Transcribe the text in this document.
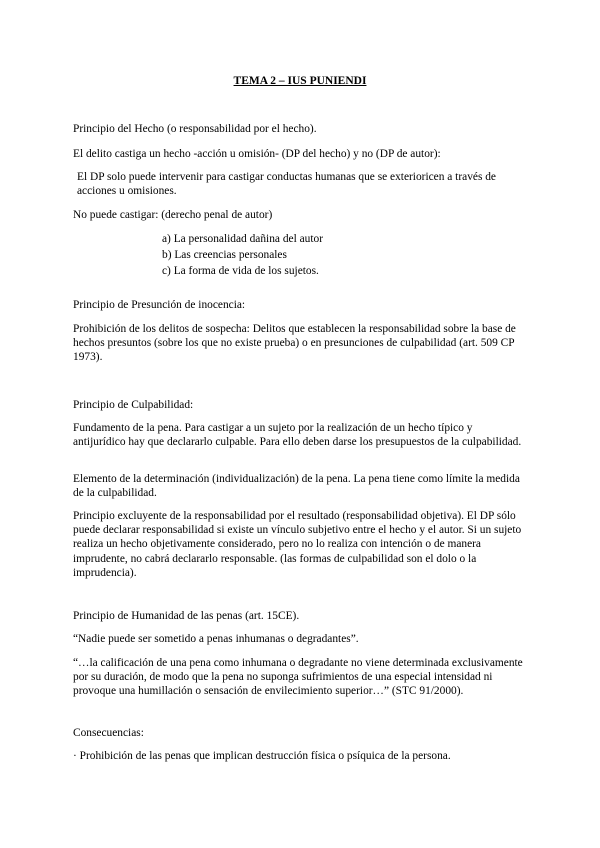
TEMA 2 – IUS PUNIENDI

Principio del Hecho (o responsabilidad por el hecho).

El delito castiga un hecho -acción u omisión- (DP del hecho) y no (DP de autor):

El DP solo puede intervenir para castigar conductas humanas que se exterioricen a través de acciones u omisiones.

No puede castigar: (derecho penal de autor)

a) La personalidad dañina del autor
b) Las creencias personales
c) La forma de vida de los sujetos.

Principio de Presunción de inocencia:

Prohibición de los delitos de sospecha: Delitos que establecen la responsabilidad sobre la base de hechos presuntos (sobre los que no existe prueba) o en presunciones de culpabilidad (art. 509 CP 1973).

Principio de Culpabilidad:

Fundamento de la pena. Para castigar a un sujeto por la realización de un hecho típico y antijurídico hay que declararlo culpable. Para ello deben darse los presupuestos de la culpabilidad.

Elemento de la determinación (individualización) de la pena. La pena tiene como límite la medida de la culpabilidad.

Principio excluyente de la responsabilidad por el resultado (responsabilidad objetiva). El DP sólo puede declarar responsabilidad si existe un vínculo subjetivo entre el hecho y el autor. Si un sujeto realiza un hecho objetivamente considerado, pero no lo realiza con intención o de manera imprudente, no cabrá declararlo responsable. (las formas de culpabilidad son el dolo o la imprudencia).

Principio de Humanidad de las penas (art. 15CE).

“Nadie puede ser sometido a penas inhumanas o degradantes”.

“…la calificación de una pena como inhumana o degradante no viene determinada exclusivamente por su duración, de modo que la pena no suponga sufrimientos de una especial intensidad ni provoque una humillación o sensación de envilecimiento superior…” (STC 91/2000).

Consecuencias:

· Prohibición de las penas que implican destrucción física o psíquica de la persona.
